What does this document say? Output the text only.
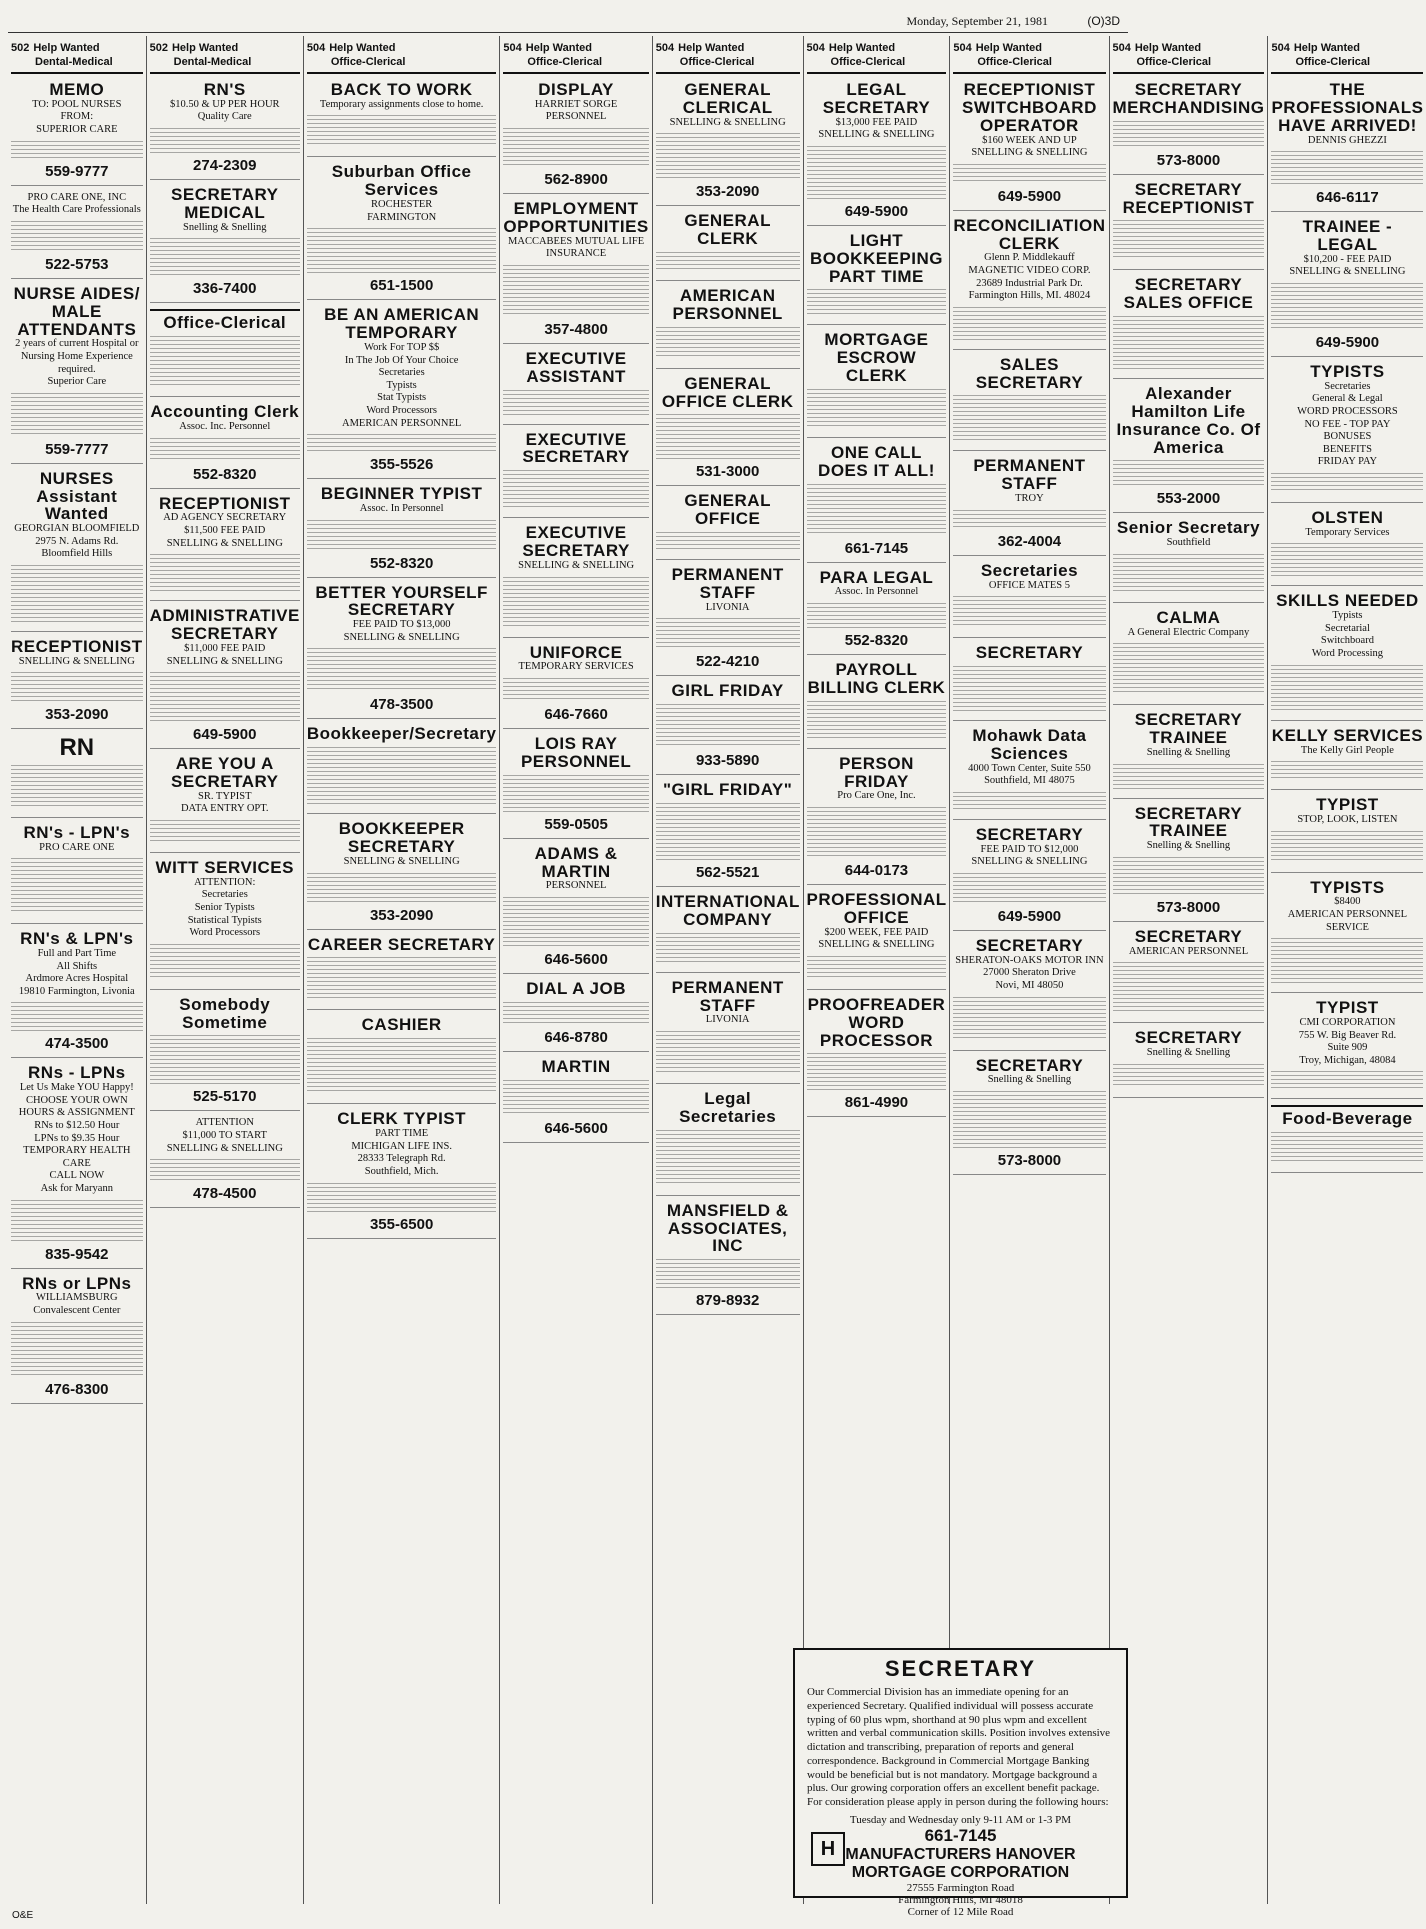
Monday, September 21, 1981	(O)3D
502 Help Wanted
Dental-Medical
MEMO
TO: POOL NURSES
FROM:
SUPERIOR CARE
559-9777
PRO CARE ONE, INC
The Health Care Professionals
522-5753
NURSE AIDES/ MALE ATTENDANTS
2 years of current Hospital or Nursing Home Experience required.
Superior Care
559-7777
NURSES Assistant Wanted
GEORGIAN BLOOMFIELD
2975 N. Adams Rd.
Bloomfield Hills
RECEPTIONIST
SNELLING & SNELLING
353-2090
RN
RN's - LPN's
PRO CARE ONE
RN's & LPN's
Full and Part Time
All Shifts
Ardmore Acres Hospital
19810 Farmington, Livonia
474-3500
RNs - LPNs
Let Us Make YOU Happy!
CHOOSE YOUR OWN HOURS & ASSIGNMENT
RNs to $12.50 Hour
LPNs to $9.35 Hour
TEMPORARY HEALTH CARE
CALL NOW
Ask for Maryann
835-9542
RNs or LPNs
WILLIAMSBURG
Convalescent Center
476-8300
502 Help Wanted
Dental-Medical
RN'S
$10.50 & UP PER HOUR
Quality Care
274-2309
SECRETARY MEDICAL
Snelling & Snelling
336-7400
Office-Clerical
Accounting Clerk
Assoc. Inc. Personnel
552-8320
RECEPTIONIST
AD AGENCY SECRETARY
$11,500 FEE PAID
SNELLING & SNELLING
ADMINISTRATIVE SECRETARY
$11,000 FEE PAID
SNELLING & SNELLING
649-5900
ARE YOU A SECRETARY
SR. TYPIST
DATA ENTRY OPT.
WITT SERVICES
ATTENTION:
Secretaries
Senior Typists
Statistical Typists
Word Processors
Somebody Sometime
525-5170
ATTENTION
$11,000 TO START
SNELLING & SNELLING
478-4500
504 Help Wanted
Office-Clerical
BACK TO WORK
Temporary assignments close to home.
Suburban Office Services
ROCHESTER
FARMINGTON
651-1500
BE AN AMERICAN TEMPORARY
Work For TOP $$
In The Job Of Your Choice
Secretaries
Typists
Stat Typists
Word Processors
AMERICAN PERSONNEL
355-5526
BEGINNER TYPIST
Assoc. In Personnel
552-8320
BETTER YOURSELF SECRETARY
FEE PAID TO $13,000
SNELLING & SNELLING
478-3500
Bookkeeper/Secretary
BOOKKEEPER SECRETARY
SNELLING & SNELLING
353-2090
CAREER SECRETARY
CASHIER
CLERK TYPIST
PART TIME
MICHIGAN LIFE INS.
28333 Telegraph Rd.
Southfield, Mich.
355-6500
504 Help Wanted
Office-Clerical
DISPLAY
HARRIET SORGE PERSONNEL
562-8900
EMPLOYMENT OPPORTUNITIES
MACCABEES MUTUAL LIFE INSURANCE
357-4800
EXECUTIVE ASSISTANT
EXECUTIVE SECRETARY
EXECUTIVE SECRETARY
SNELLING & SNELLING
UNIFORCE
TEMPORARY SERVICES
646-7660
LOIS RAY PERSONNEL
559-0505
ADAMS & MARTIN
PERSONNEL
646-5600
DIAL A JOB
646-8780
MARTIN
646-5600
504 Help Wanted
Office-Clerical
GENERAL CLERICAL
SNELLING & SNELLING
353-2090
GENERAL CLERK
AMERICAN PERSONNEL
GENERAL OFFICE CLERK
531-3000
GENERAL OFFICE
PERMANENT STAFF
LIVONIA
522-4210
GIRL FRIDAY
933-5890
"GIRL FRIDAY"
562-5521
INTERNATIONAL COMPANY
PERMANENT STAFF
LIVONIA
Legal Secretaries
MANSFIELD & ASSOCIATES, INC
879-8932
504 Help Wanted
Office-Clerical
LEGAL SECRETARY
$13,000 FEE PAID
SNELLING & SNELLING
649-5900
LIGHT BOOKKEEPING PART TIME
MORTGAGE ESCROW CLERK
ONE CALL DOES IT ALL!
661-7145
PARA LEGAL
Assoc. In Personnel
552-8320
PAYROLL BILLING CLERK
PERSON FRIDAY
Pro Care One, Inc.
644-0173
PROFESSIONAL OFFICE
$200 WEEK, FEE PAID
SNELLING & SNELLING
PROOFREADER WORD PROCESSOR
861-4990
504 Help Wanted
Office-Clerical
RECEPTIONIST SWITCHBOARD OPERATOR
$160 WEEK AND UP
SNELLING & SNELLING
649-5900
RECONCILIATION CLERK
Glenn P. Middlekauff
MAGNETIC VIDEO CORP.
23689 Industrial Park Dr.
Farmington Hills, MI. 48024
SALES SECRETARY
PERMANENT STAFF
TROY
362-4004
Secretaries
OFFICE MATES 5
SECRETARY
Mohawk Data Sciences
4000 Town Center, Suite 550
Southfield, MI 48075
SECRETARY
FEE PAID TO $12,000
SNELLING & SNELLING
649-5900
SECRETARY
SHERATON-OAKS MOTOR INN
27000 Sheraton Drive
Novi, MI 48050
SECRETARY
Snelling & Snelling
573-8000
504 Help Wanted
Office-Clerical
SECRETARY MERCHANDISING
573-8000
SECRETARY RECEPTIONIST
SECRETARY SALES OFFICE
Alexander Hamilton Life Insurance Co. Of America
553-2000
Senior Secretary
Southfield
CALMA
A General Electric Company
SECRETARY TRAINEE
Snelling & Snelling
SECRETARY TRAINEE
Snelling & Snelling
573-8000
SECRETARY
AMERICAN PERSONNEL
SECRETARY
Snelling & Snelling
504 Help Wanted
Office-Clerical
THE PROFESSIONALS HAVE ARRIVED!
DENNIS GHEZZI
646-6117
TRAINEE - LEGAL
$10,200 - FEE PAID
SNELLING & SNELLING
649-5900
TYPISTS
Secretaries
General & Legal
WORD PROCESSORS
NO FEE - TOP PAY
BONUSES
BENEFITS
FRIDAY PAY
OLSTEN
Temporary Services
SKILLS NEEDED
Typists
Secretarial
Switchboard
Word Processing
KELLY SERVICES
The Kelly Girl People
TYPIST
STOP, LOOK, LISTEN
TYPISTS
$8400
AMERICAN PERSONNEL SERVICE
TYPIST
CMI CORPORATION
755 W. Big Beaver Rd.
Suite 909
Troy, Michigan, 48084
Food-Beverage
SECRETARY
Our Commercial Division has an immediate opening for an experienced Secretary. Qualified individual will possess accurate typing of 60 plus wpm, shorthand at 90 plus wpm and excellent written and verbal communication skills. Position involves extensive dictation and transcribing, preparation of reports and general correspondence. Background in Commercial Mortgage Banking would be beneficial but is not mandatory. Mortgage background a plus. Our growing corporation offers an excellent benefit package. For consideration please apply in person during the following hours:
Tuesday and Wednesday only 9-11 AM or 1-3 PM
661-7145
MANUFACTURERS HANOVER MORTGAGE CORPORATION
27555 Farmington Road
Farmington Hills, MI 48018
Corner of 12 Mile Road
H
O&E
